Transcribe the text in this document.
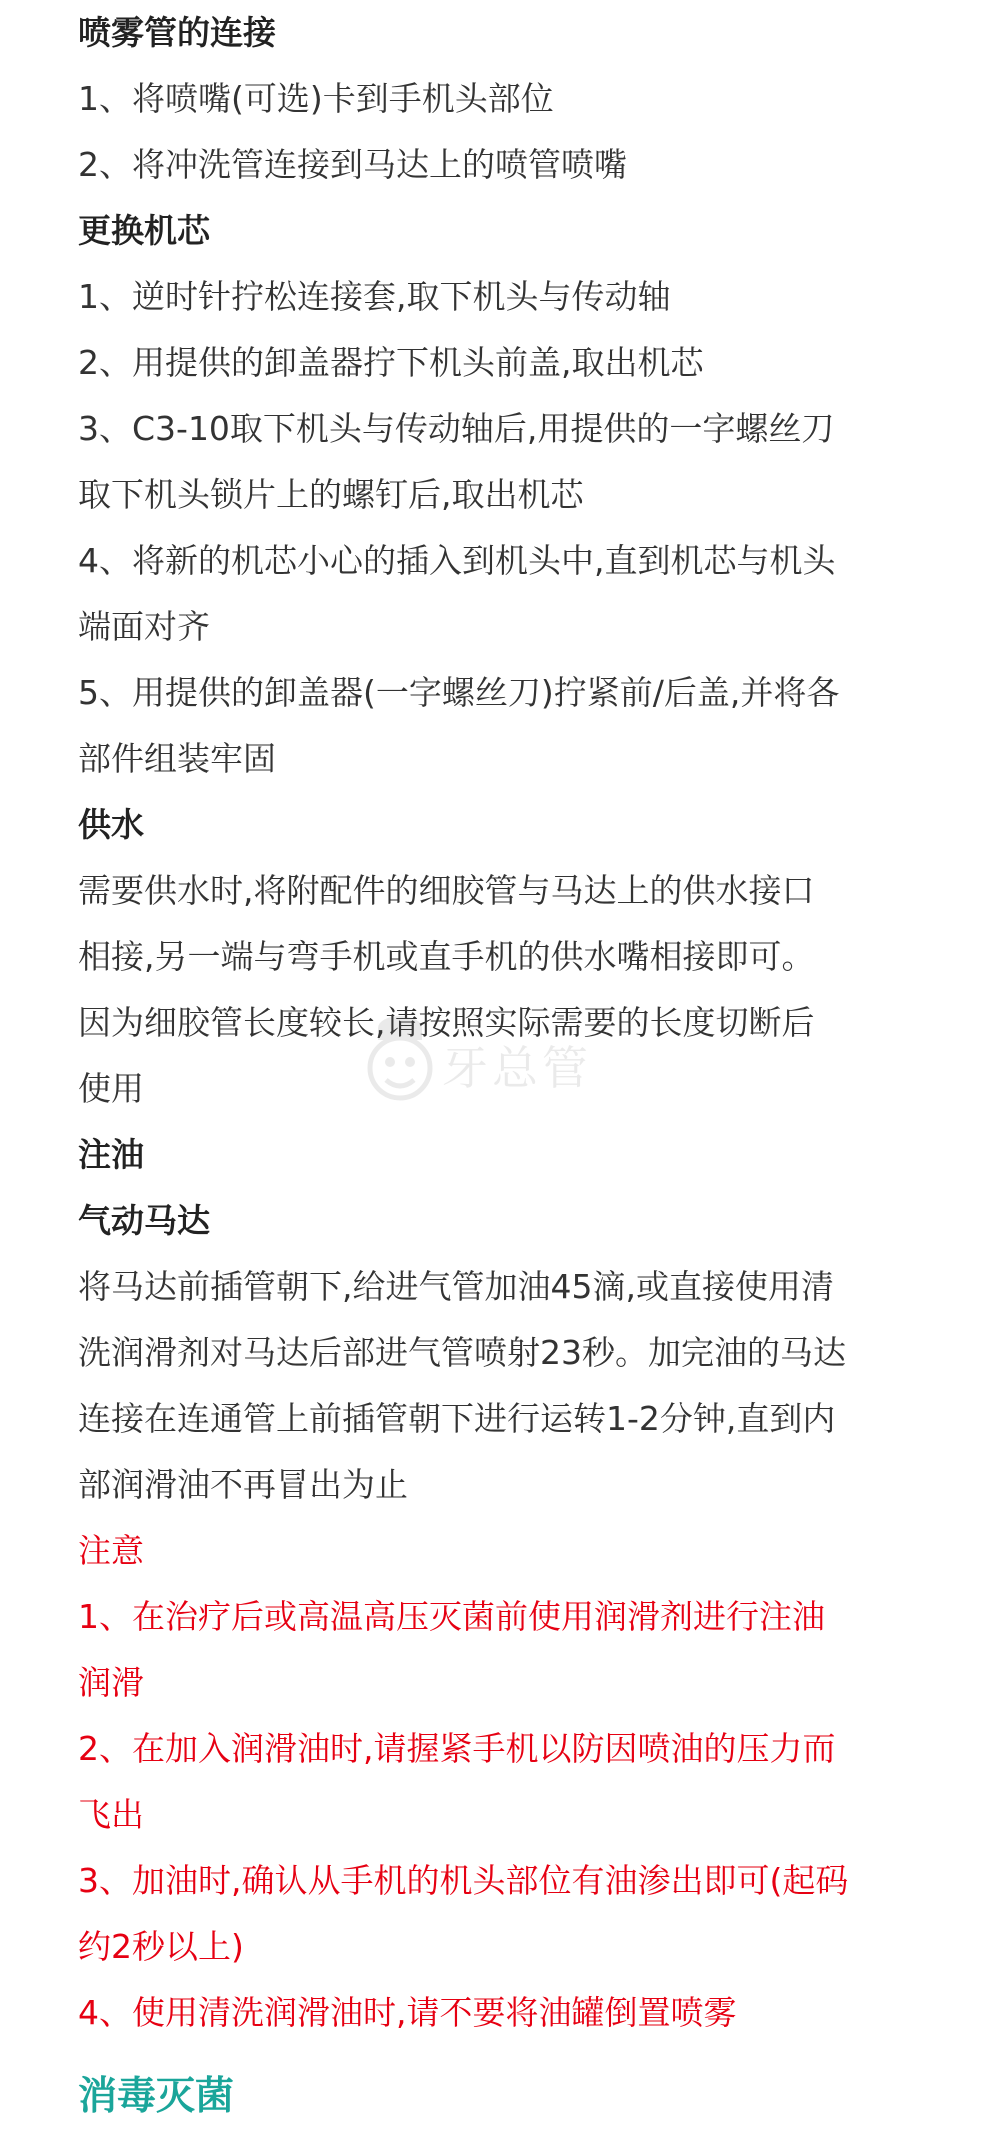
喷雾管的连接

1、将喷嘴(可选)卡到手机头部位

2、将冲洗管连接到马达上的喷管喷嘴

更换机芯

1、逆时针拧松连接套,取下机头与传动轴

2、用提供的卸盖器拧下机头前盖,取出机芯

3、C3-10取下机头与传动轴后,用提供的一字螺丝刀

取下机头锁片上的螺钉后,取出机芯

4、将新的机芯小心的插入到机头中,直到机芯与机头

端面对齐

5、用提供的卸盖器(一字螺丝刀)拧紧前/后盖,并将各

部件组装牢固

供水

需要供水时,将附配件的细胶管与马达上的供水接口

相接,另一端与弯手机或直手机的供水嘴相接即可。

因为细胶管长度较长,请按照实际需要的长度切断后

使用

注油

气动马达

将马达前插管朝下,给进气管加油45滴,或直接使用清

洗润滑剂对马达后部进气管喷射23秒。加完油的马达

连接在连通管上前插管朝下进行运转1-2分钟,直到内

部润滑油不再冒出为止

注意

1、在治疗后或高温高压灭菌前使用润滑剂进行注油

润滑

2、在加入润滑油时,请握紧手机以防因喷油的压力而

飞出

3、加油时,确认从手机的机头部位有油渗出即可(起码

约2秒以上)

4、使用清洗润滑油时,请不要将油罐倒置喷雾

消毒灭菌
牙总管
